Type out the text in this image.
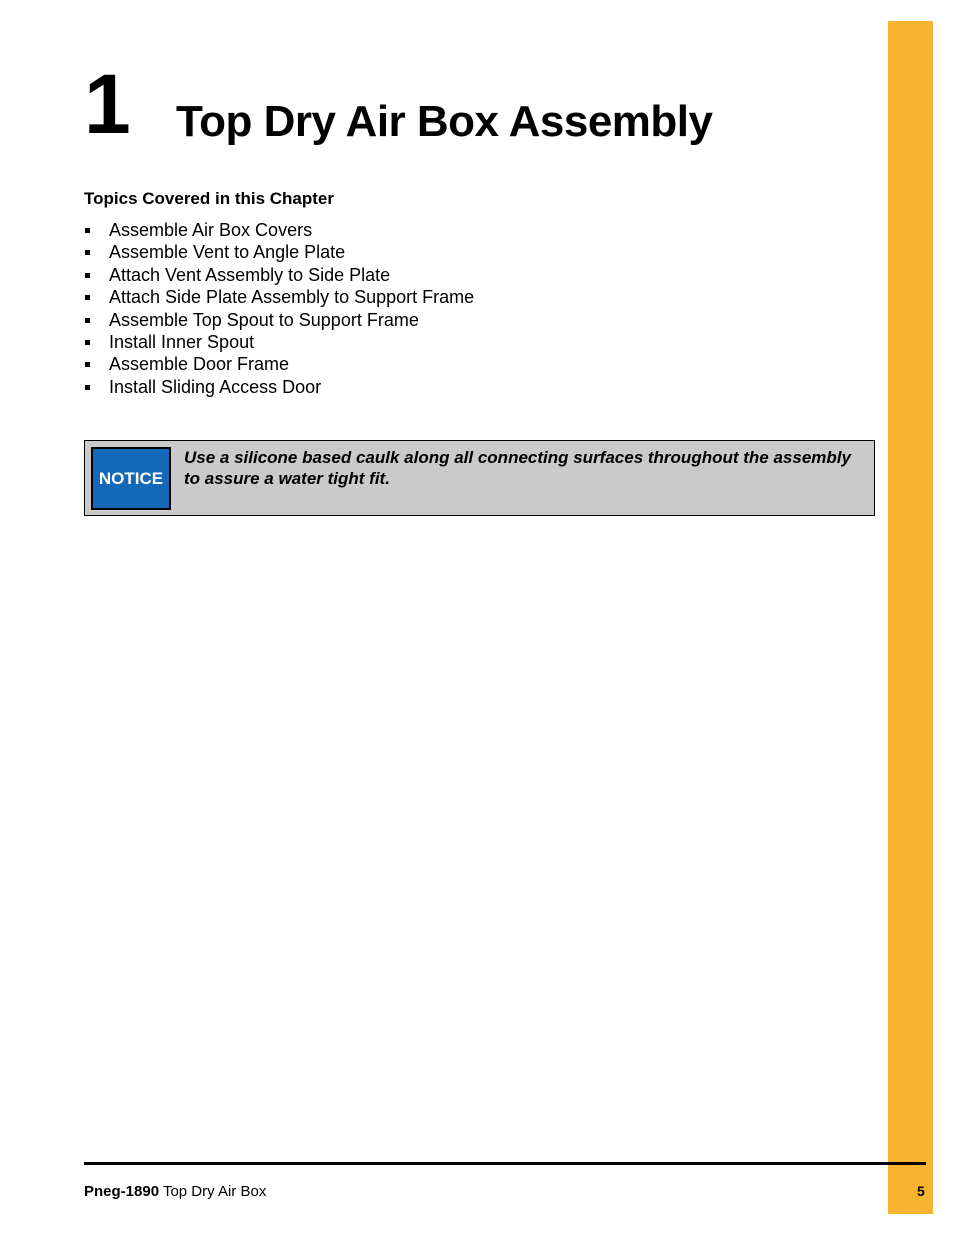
1 Top Dry Air Box Assembly
Topics Covered in this Chapter
Assemble Air Box Covers
Assemble Vent to Angle Plate
Attach Vent Assembly to Side Plate
Attach Side Plate Assembly to Support Frame
Assemble Top Spout to Support Frame
Install Inner Spout
Assemble Door Frame
Install Sliding Access Door
NOTICE
Use a silicone based caulk along all connecting surfaces throughout the assembly to assure a water tight fit.
Pneg-1890 Top Dry Air Box	5
